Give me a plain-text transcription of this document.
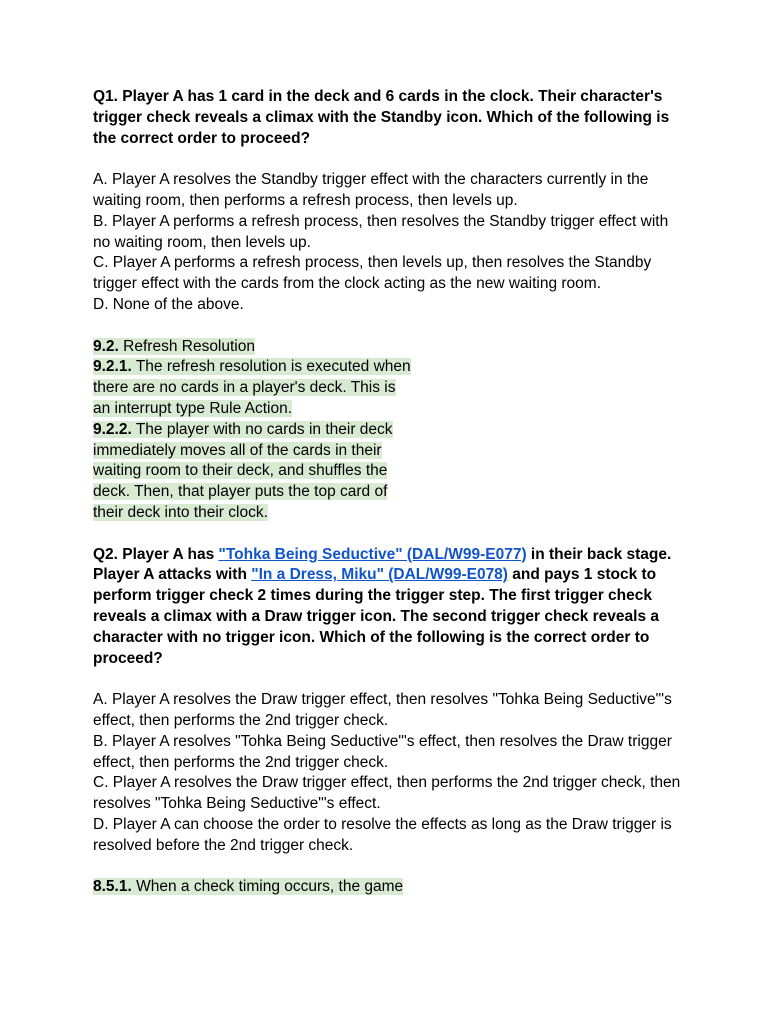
Q1. Player A has 1 card in the deck and 6 cards in the clock. Their character's trigger check reveals a climax with the Standby icon. Which of the following is the correct order to proceed?

A. Player A resolves the Standby trigger effect with the characters currently in the waiting room, then performs a refresh process, then levels up.

B. Player A performs a refresh process, then resolves the Standby trigger effect with no waiting room, then levels up.

C. Player A performs a refresh process, then levels up, then resolves the Standby trigger effect with the cards from the clock acting as the new waiting room.

D. None of the above.

9.2. Refresh Resolution
9.2.1. The refresh resolution is executed when
there are no cards in a player's deck. This is
an interrupt type Rule Action.
9.2.2. The player with no cards in their deck
immediately moves all of the cards in their
waiting room to their deck, and shuffles the
deck. Then, that player puts the top card of
their deck into their clock.

Q2. Player A has "Tohka Being Seductive" (DAL/W99-E077) in their back stage. Player A attacks with "In a Dress, Miku" (DAL/W99-E078) and pays 1 stock to perform trigger check 2 times during the trigger step. The first trigger check reveals a climax with a Draw trigger icon. The second trigger check reveals a character with no trigger icon. Which of the following is the correct order to proceed?

A. Player A resolves the Draw trigger effect, then resolves "Tohka Being Seductive"'s effect, then performs the 2nd trigger check.

B. Player A resolves "Tohka Being Seductive"'s effect, then resolves the Draw trigger effect, then performs the 2nd trigger check.

C. Player A resolves the Draw trigger effect, then performs the 2nd trigger check, then resolves "Tohka Being Seductive"'s effect.

D. Player A can choose the order to resolve the effects as long as the Draw trigger is resolved before the 2nd trigger check.

8.5.1. When a check timing occurs, the game
